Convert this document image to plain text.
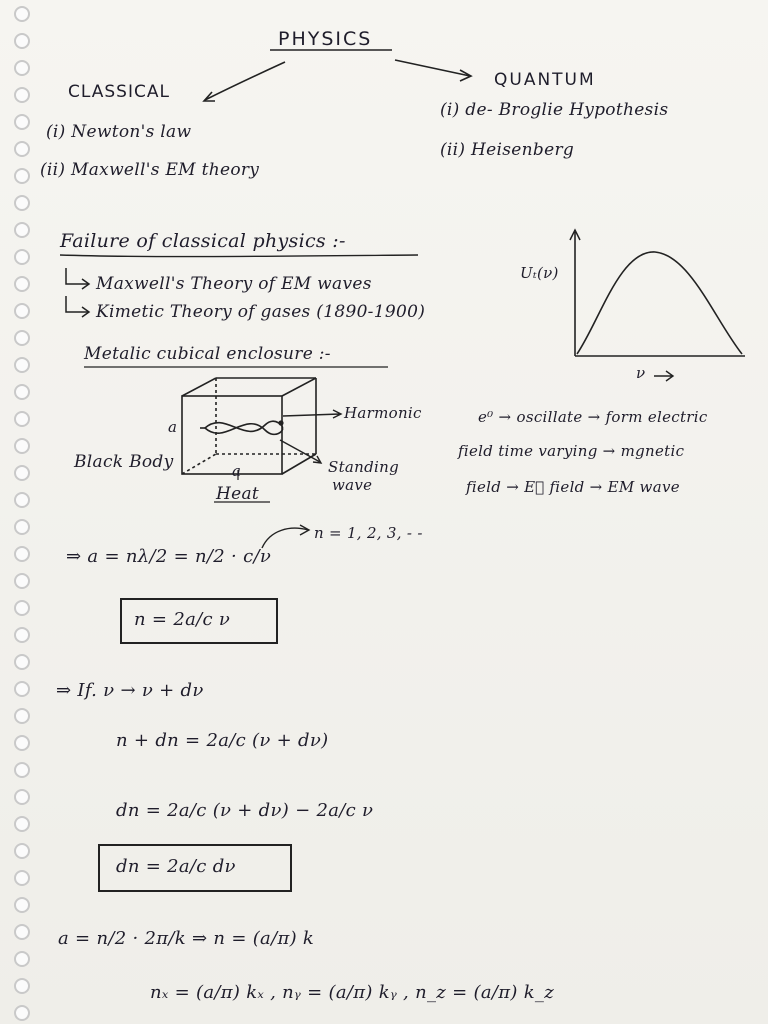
PHYSICS
CLASSICAL
(i) Newton's law
(ii) Maxwell's EM theory
QUANTUM
(i) de- Broglie Hypothesis
(ii) Heisenberg
Failure of classical physics :-
Maxwell's Theory of EM waves
Kimetic Theory of gases (1890-1900)
Uₜ(ν)
ν
Metalic cubical enclosure :-
a
a
Harmonic
Standing
wave
Black Body
Heat
e⁰ → oscillate → form electric
field time varying → mgnetic
field → E⃗ field → EM wave
n = 1, 2, 3, - -
⇒ a = nλ/2 = n/2 · c/ν
n = 2a/c ν
⇒ If. ν → ν + dν
n + dn = 2a/c (ν + dν)
dn = 2a/c (ν + dν) − 2a/c ν
dn = 2a/c dν
a = n/2 · 2π/k ⇒ n = (a/π) k
nₓ = (a/π) kₓ , nᵧ = (a/π) kᵧ , n_z = (a/π) k_z
